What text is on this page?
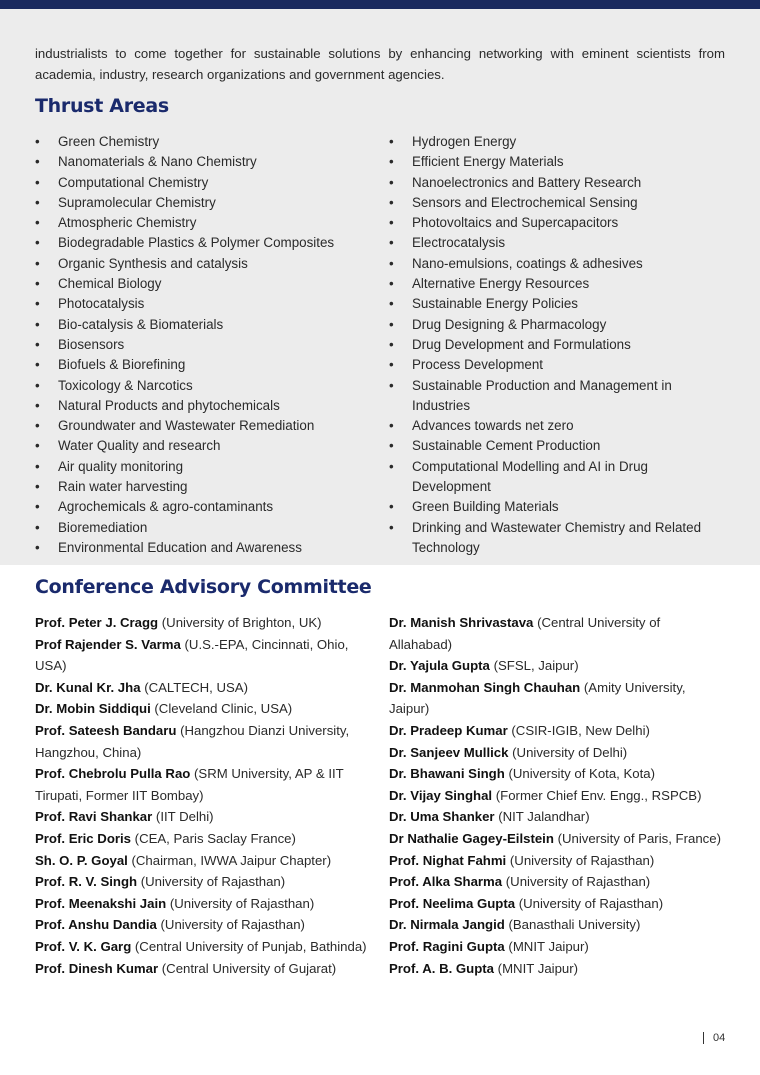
industrialists to come together for sustainable solutions by enhancing networking with eminent scientists from academia, industry, research organizations and government agencies.

Thrust Areas
• Green Chemistry
• Nanomaterials & Nano Chemistry
• Computational Chemistry
• Supramolecular Chemistry
• Atmospheric Chemistry
• Biodegradable Plastics & Polymer Composites
• Organic Synthesis and catalysis
• Chemical Biology
• Photocatalysis
• Bio-catalysis & Biomaterials
• Biosensors
• Biofuels & Biorefining
• Toxicology & Narcotics
• Natural Products and phytochemicals
• Groundwater and Wastewater Remediation
• Water Quality and research
• Air quality monitoring
• Rain water harvesting
• Agrochemicals & agro-contaminants
• Bioremediation
• Environmental Education and Awareness
• Hydrogen Energy
• Efficient Energy Materials
• Nanoelectronics and Battery Research
• Sensors and Electrochemical Sensing
• Photovoltaics and Supercapacitors
• Electrocatalysis
• Nano-emulsions, coatings & adhesives
• Alternative Energy Resources
• Sustainable Energy Policies
• Drug Designing & Pharmacology
• Drug Development and Formulations
• Process Development
• Sustainable Production and Management in Industries
• Advances towards net zero
• Sustainable Cement Production
• Computational Modelling and AI in Drug Development
• Green Building Materials
• Drinking and Wastewater Chemistry and Related Technology
Conference Advisory Committee
Prof. Peter J. Cragg (University of Brighton, UK)
Prof Rajender S. Varma (U.S.-EPA, Cincinnati, Ohio, USA)
Dr. Kunal Kr. Jha (CALTECH, USA)
Dr. Mobin Siddiqui (Cleveland Clinic, USA)
Prof. Sateesh Bandaru (Hangzhou Dianzi University, Hangzhou, China)
Prof. Chebrolu Pulla Rao (SRM University, AP & IIT Tirupati, Former IIT Bombay)
Prof. Ravi Shankar (IIT Delhi)
Prof. Eric Doris (CEA, Paris Saclay France)
Sh. O. P. Goyal (Chairman, IWWA Jaipur Chapter)
Prof. R. V. Singh (University of Rajasthan)
Prof. Meenakshi Jain (University of Rajasthan)
Prof. Anshu Dandia (University of Rajasthan)
Prof. V. K. Garg (Central University of Punjab, Bathinda)
Prof. Dinesh Kumar (Central University of Gujarat)
Dr. Manish Shrivastava (Central University of Allahabad)
Dr. Yajula Gupta (SFSL, Jaipur)
Dr. Manmohan Singh Chauhan (Amity University, Jaipur)
Dr. Pradeep Kumar (CSIR-IGIB, New Delhi)
Dr. Sanjeev Mullick (University of Delhi)
Dr. Bhawani Singh (University of Kota, Kota)
Dr. Vijay Singhal (Former Chief Env. Engg., RSPCB)
Dr. Uma Shanker (NIT Jalandhar)
Dr Nathalie Gagey-Eilstein (University of Paris, France)
Prof. Nighat Fahmi (University of Rajasthan)
Prof. Alka Sharma (University of Rajasthan)
Prof. Neelima Gupta (University of Rajasthan)
Dr. Nirmala Jangid (Banasthali University)
Prof. Ragini Gupta (MNIT Jaipur)
Prof. A. B. Gupta (MNIT Jaipur)
04
